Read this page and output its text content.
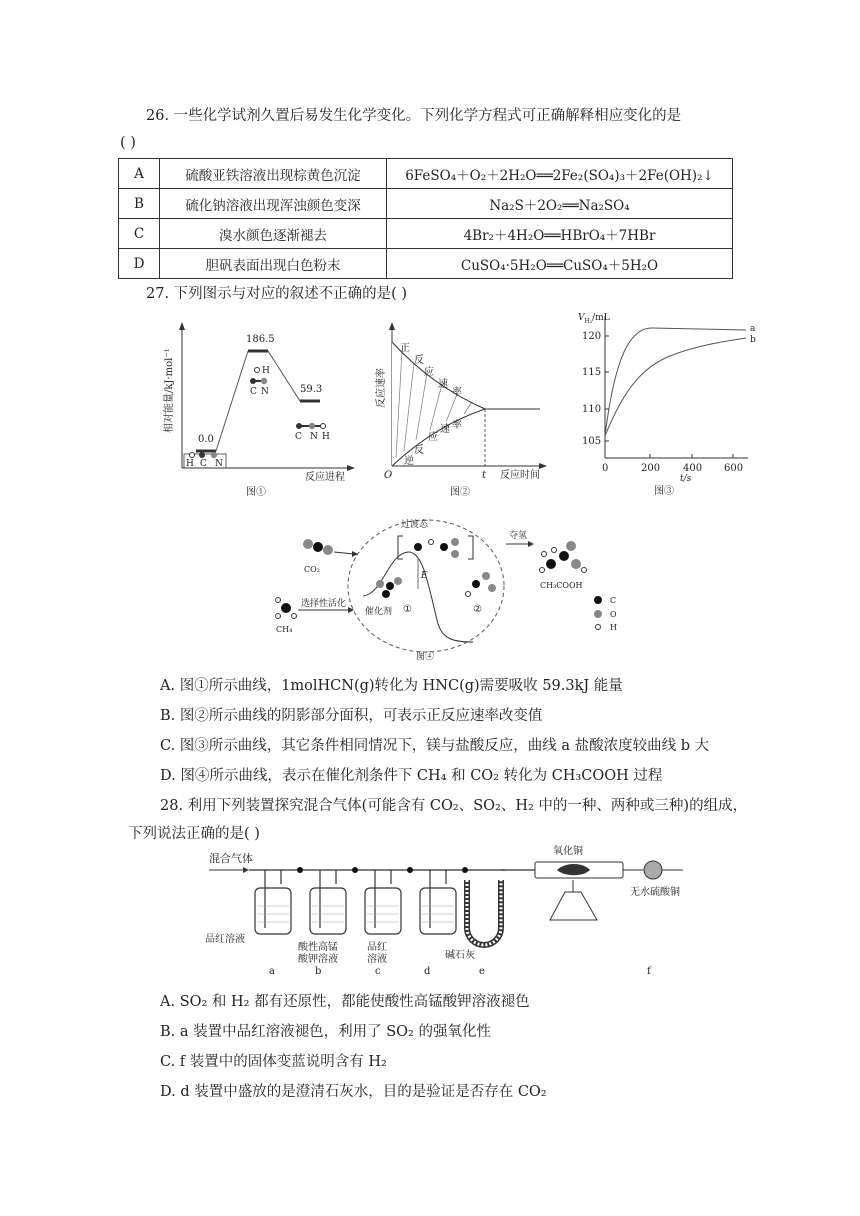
26. 一些化学试剂久置后易发生化学变化。下列化学方程式可正确解释相应变化的是
( )
A	硫酸亚铁溶液出现棕黄色沉淀	6FeSO₄＋O₂＋2H₂O══2Fe₂(SO₄)₃＋2Fe(OH)₂↓
B	硫化钠溶液出现浑浊颜色变深	Na₂S＋2O₂══Na₂SO₄
C	溴水颜色逐渐褪去	4Br₂＋4H₂O══HBrO₄＋7HBr
D	胆矾表面出现白色粉末	CuSO₄·5H₂O══CuSO₄＋5H₂O
27. 下列图示与对应的叙述不正确的是( )
相对能量/kJ·mol⁻¹
反应进程
0.0
186.5
59.3
H C N
H
C N
C N H
图①
正
反
应
速
率
逆
反
应
速 率
反应速率
O	t 反应时间
图②
105
110
115
120
0	200 400 600
t/s
$V_{H_2}/mL$
a
b
图③
CO₂
CH₄
选择性活化
过渡态
E
催化剂 ①	②
夺氢
CH₃COOH
C
O
H
图④
A. 图①所示曲线，1molHCN(g)转化为 HNC(g)需要吸收 59.3kJ 能量
B. 图②所示曲线的阴影部分面积，可表示正反应速率改变值
C. 图③所示曲线，其它条件相同情况下，镁与盐酸反应，曲线 a 盐酸浓度较曲线 b 大
D. 图④所示曲线，表示在催化剂条件下 CH₄ 和 CO₂ 转化为 CH₃COOH 过程
28. 利用下列装置探究混合气体(可能含有 CO₂、SO₂、H₂ 中的一种、两种或三种)的组成，
下列说法正确的是( )
混合气体
氧化铜
无水硫酸铜
品红溶液
酸性高锰
酸钾溶液
品红
溶液	碱石灰
a	b	c	d	e	f
A. SO₂ 和 H₂ 都有还原性，都能使酸性高锰酸钾溶液褪色
B. a 装置中品红溶液褪色，利用了 SO₂ 的强氧化性
C. f 装置中的固体变蓝说明含有 H₂
D. d 装置中盛放的是澄清石灰水，目的是验证是否存在 CO₂
